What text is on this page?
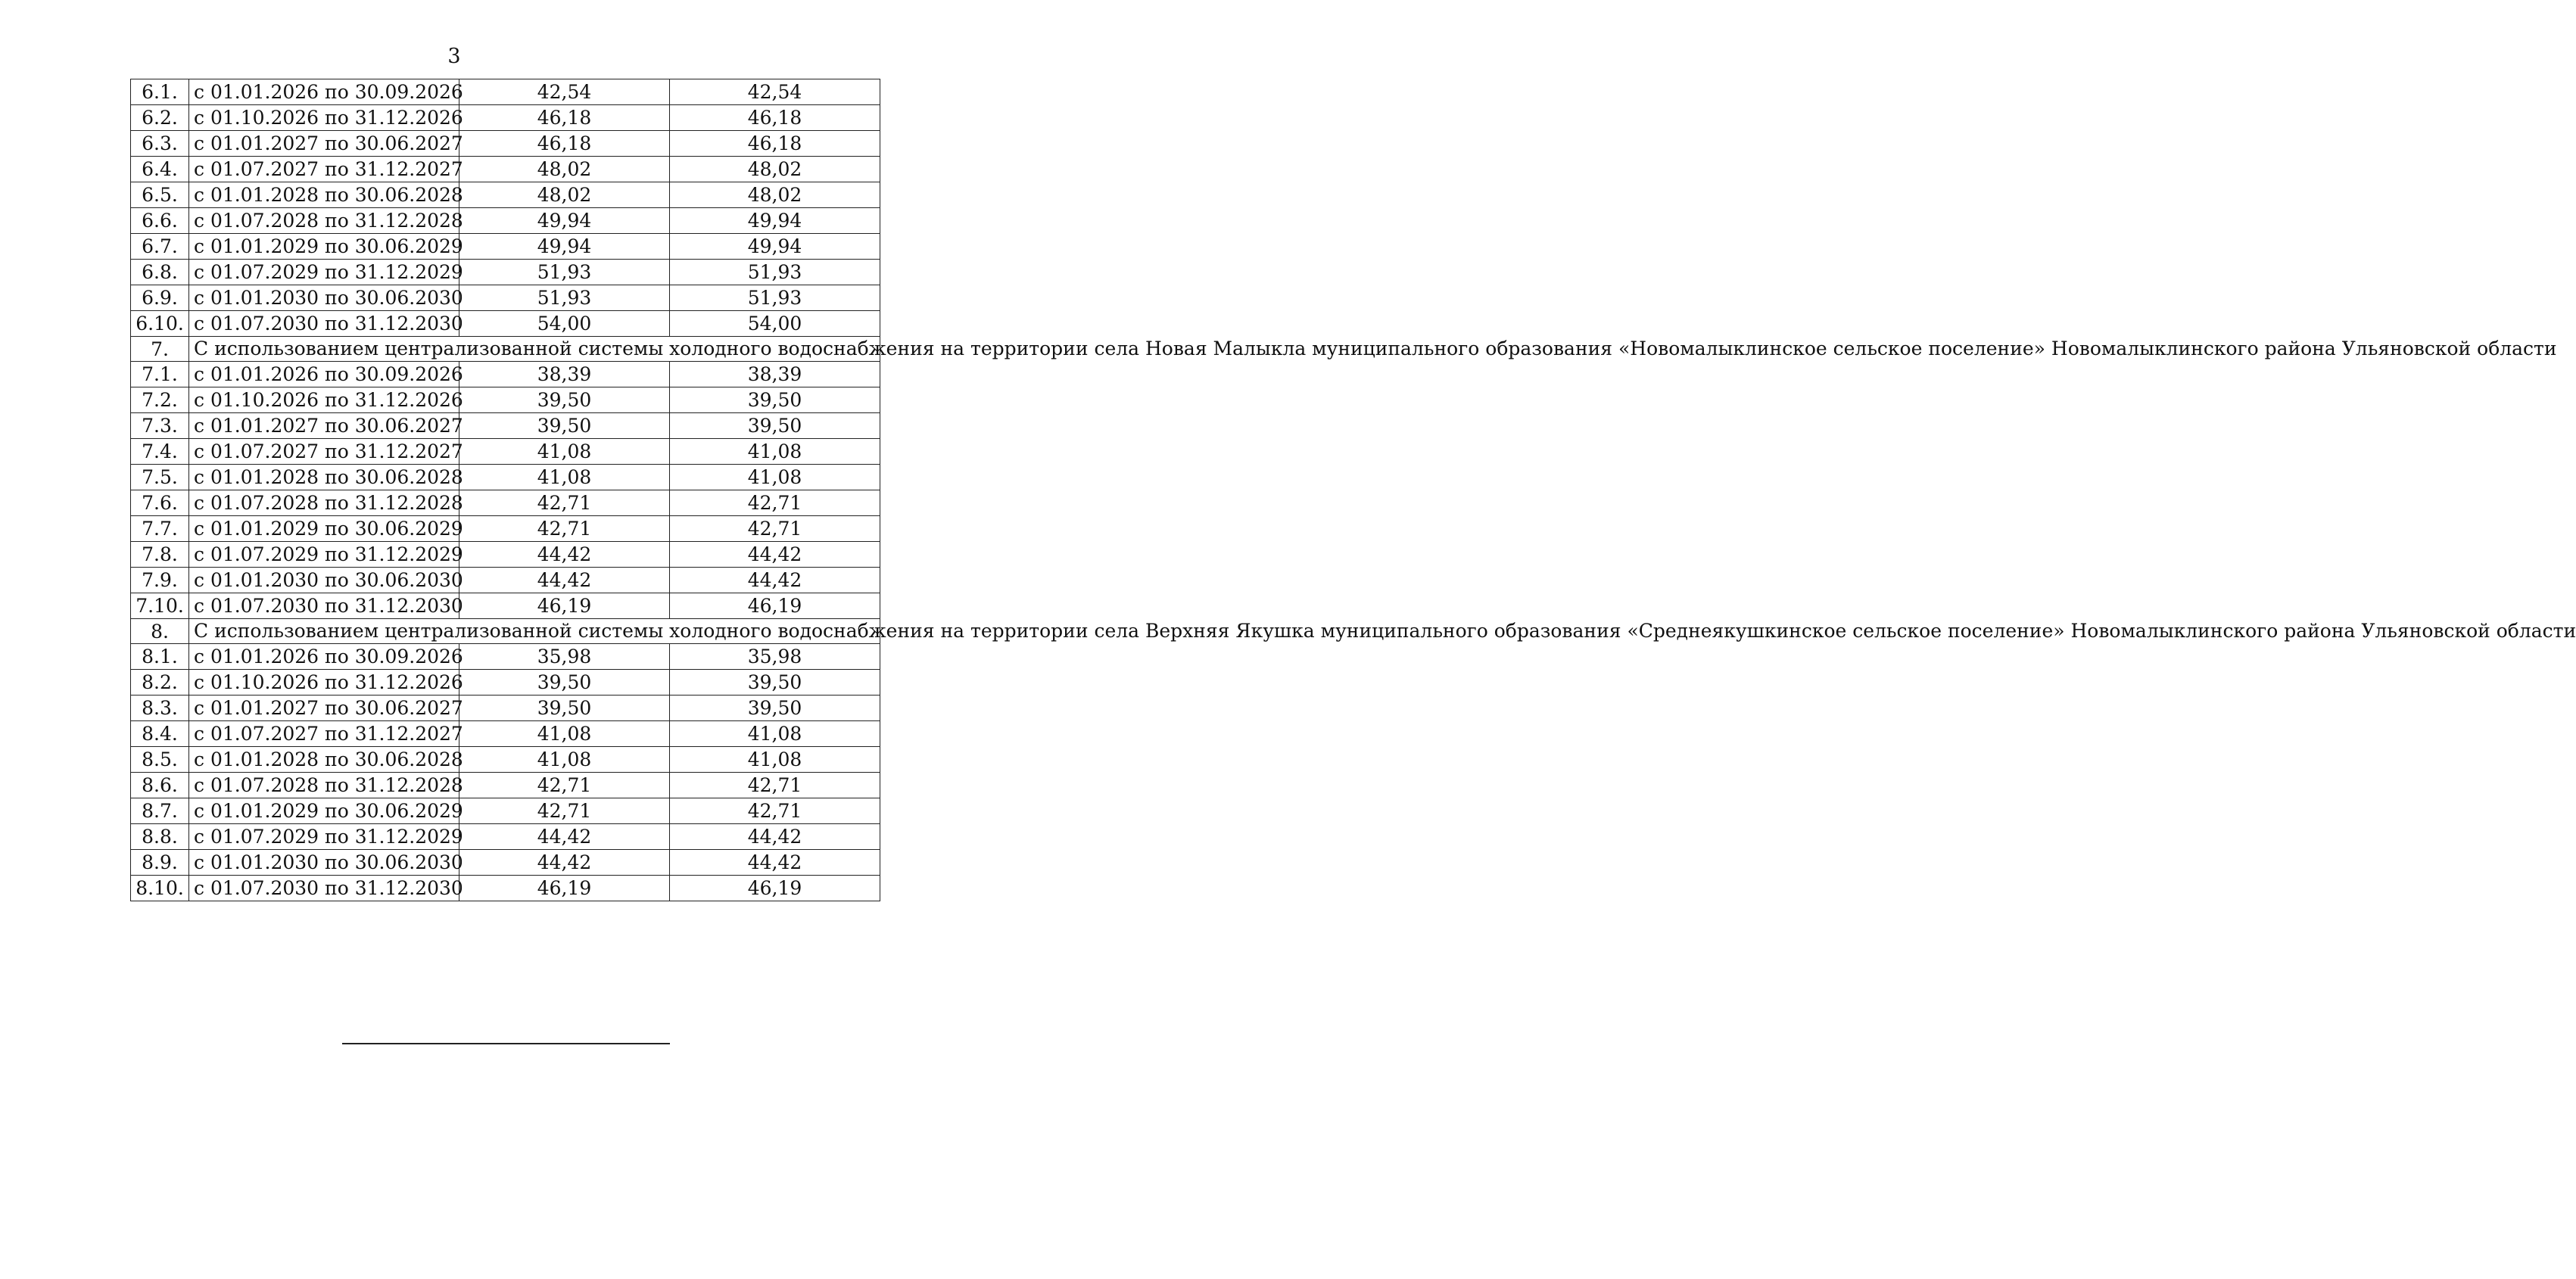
3
6.1.	с 01.01.2026 по 30.09.2026	42,54	42,54
6.2.	с 01.10.2026 по 31.12.2026	46,18	46,18
6.3.	с 01.01.2027 по 30.06.2027	46,18	46,18
6.4.	с 01.07.2027 по 31.12.2027	48,02	48,02
6.5.	с 01.01.2028 по 30.06.2028	48,02	48,02
6.6.	с 01.07.2028 по 31.12.2028	49,94	49,94
6.7.	с 01.01.2029 по 30.06.2029	49,94	49,94
6.8.	с 01.07.2029 по 31.12.2029	51,93	51,93
6.9.	с 01.01.2030 по 30.06.2030	51,93	51,93
6.10.	с 01.07.2030 по 31.12.2030	54,00	54,00
7.	С использованием централизованной системы холодного водоснабжения на территории села Новая Малыкла муниципального образования «Новомалыклинское сельское поселение» Новомалыклинского района Ульяновской области		
7.1.	с 01.01.2026 по 30.09.2026	38,39	38,39
7.2.	с 01.10.2026 по 31.12.2026	39,50	39,50
7.3.	с 01.01.2027 по 30.06.2027	39,50	39,50
7.4.	с 01.07.2027 по 31.12.2027	41,08	41,08
7.5.	с 01.01.2028 по 30.06.2028	41,08	41,08
7.6.	с 01.07.2028 по 31.12.2028	42,71	42,71
7.7.	с 01.01.2029 по 30.06.2029	42,71	42,71
7.8.	с 01.07.2029 по 31.12.2029	44,42	44,42
7.9.	с 01.01.2030 по 30.06.2030	44,42	44,42
7.10.	с 01.07.2030 по 31.12.2030	46,19	46,19
8.	С использованием централизованной системы холодного водоснабжения на территории села Верхняя Якушка муниципального образования «Среднеякушкинское сельское поселение» Новомалыклинского района Ульяновской области		
8.1.	с 01.01.2026 по 30.09.2026	35,98	35,98
8.2.	с 01.10.2026 по 31.12.2026	39,50	39,50
8.3.	с 01.01.2027 по 30.06.2027	39,50	39,50
8.4.	с 01.07.2027 по 31.12.2027	41,08	41,08
8.5.	с 01.01.2028 по 30.06.2028	41,08	41,08
8.6.	с 01.07.2028 по 31.12.2028	42,71	42,71
8.7.	с 01.01.2029 по 30.06.2029	42,71	42,71
8.8.	с 01.07.2029 по 31.12.2029	44,42	44,42
8.9.	с 01.01.2030 по 30.06.2030	44,42	44,42
8.10.	с 01.07.2030 по 31.12.2030	46,19	46,19
